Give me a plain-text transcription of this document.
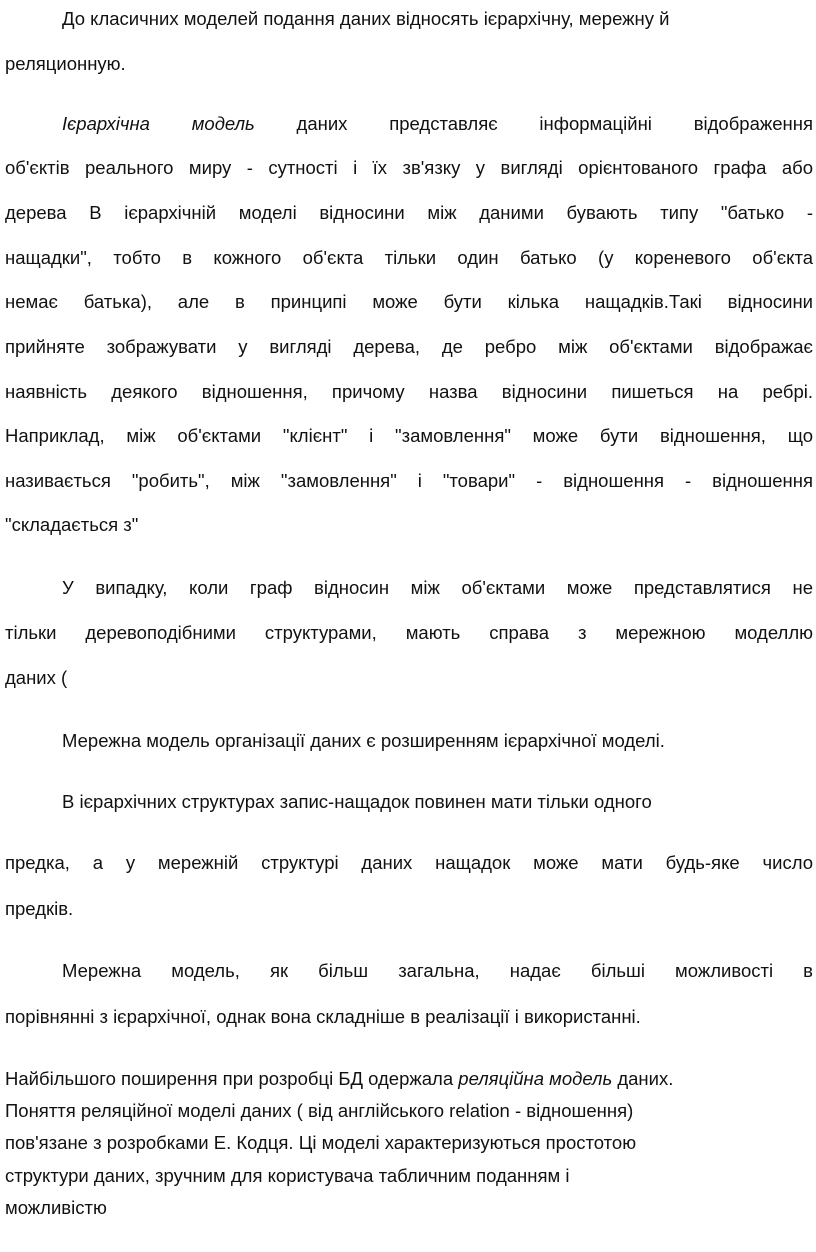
До класичних моделей подання даних відносять ієрархічну, мережну й
реляционную.
Ієрархічна модель даних представляє інформаційні відображення
об'єктів реального миру - сутності і їх зв'язку у вигляді орієнтованого графа або
дерева В ієрархічній моделі відносини між даними бувають типу "батько -
нащадки", тобто в кожного об'єкта тільки один батько (у кореневого об'єкта
немає батька), але в принципі може бути кілька нащадків.Такі відносини
прийняте зображувати у вигляді дерева, де ребро між об'єктами відображає
наявність деякого відношення, причому назва відносини пишеться на ребрі.
Наприклад, між об'єктами "клієнт" і "замовлення" може бути відношення, що
називається "робить", між "замовлення" і "товари" - відношення - відношення
"складається з"
У випадку, коли граф відносин між об'єктами може представлятися не
тільки деревоподібними структурами, мають справа з мережною моделлю
даних (
Мережна модель організації даних є розширенням ієрархічної моделі.
В ієрархічних структурах запис-нащадок повинен мати тільки одного
предка, а у мережній структурі даних нащадок може мати будь-яке число
предків.
Мережна модель, як більш загальна, надає більші можливості в
порівнянні з ієрархічної, однак вона складніше в реалізації і використанні.
Найбільшого поширення при розробці БД одержала реляційна модель даних.
Поняття реляційної моделі даних ( від англійського relation - відношення)
пов'язане з розробками Е. Кодця. Ці моделі характеризуються простотою
структури даних, зручним для користувача табличним поданням і
можливістю
